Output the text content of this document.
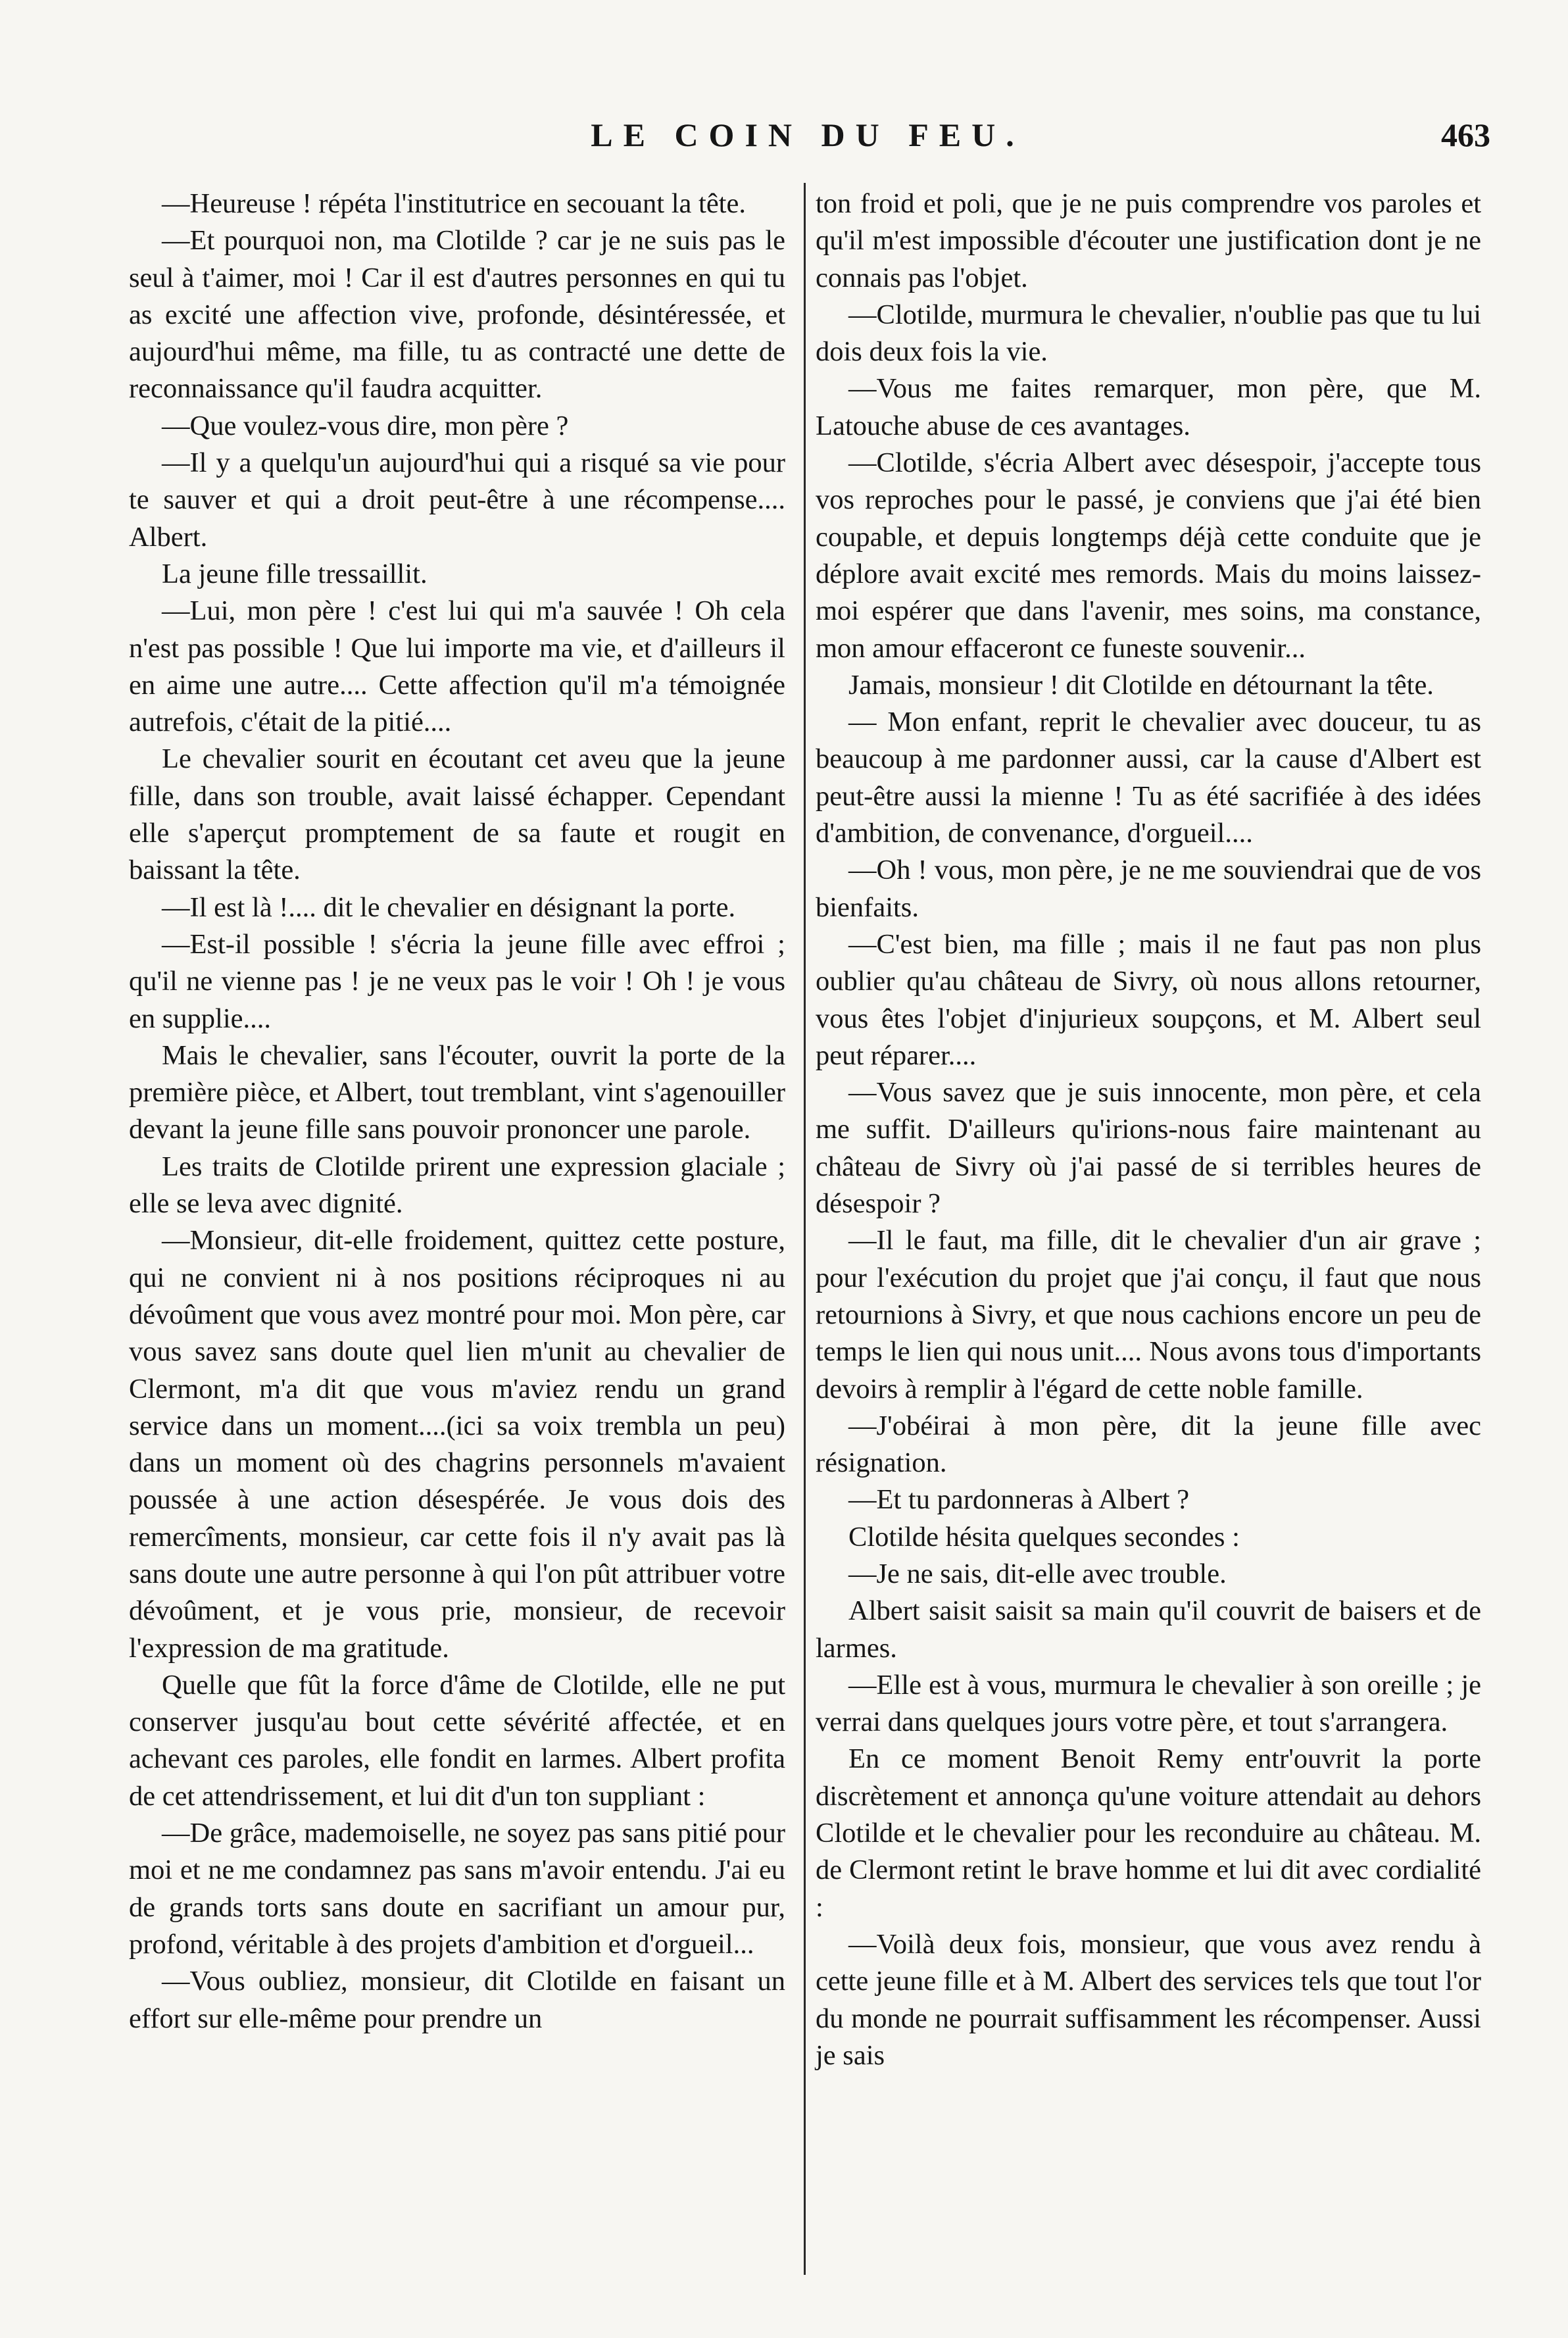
LE COIN DU FEU.	463

—Heureuse ! répéta l'institutrice en secouant la tête.

—Et pourquoi non, ma Clotilde ? car je ne suis pas le seul à t'aimer, moi ! Car il est d'autres personnes en qui tu as excité une affection vive, profonde, désintéressée, et aujourd'hui même, ma fille, tu as contracté une dette de reconnaissance qu'il faudra acquitter.

—Que voulez-vous dire, mon père ?

—Il y a quelqu'un aujourd'hui qui a risqué sa vie pour te sauver et qui a droit peut-être à une récompense.... Albert.

La jeune fille tressaillit.

—Lui, mon père ! c'est lui qui m'a sauvée ! Oh cela n'est pas possible ! Que lui importe ma vie, et d'ailleurs il en aime une autre.... Cette affection qu'il m'a témoignée autrefois, c'était de la pitié....

Le chevalier sourit en écoutant cet aveu que la jeune fille, dans son trouble, avait laissé échapper. Cependant elle s'aperçut promptement de sa faute et rougit en baissant la tête.

—Il est là !.... dit le chevalier en désignant la porte.

—Est-il possible ! s'écria la jeune fille avec effroi ; qu'il ne vienne pas ! je ne veux pas le voir ! Oh ! je vous en supplie....

Mais le chevalier, sans l'écouter, ouvrit la porte de la première pièce, et Albert, tout tremblant, vint s'agenouiller devant la jeune fille sans pouvoir prononcer une parole.

Les traits de Clotilde prirent une expression glaciale ; elle se leva avec dignité.

—Monsieur, dit-elle froidement, quittez cette posture, qui ne convient ni à nos positions réciproques ni au dévoûment que vous avez montré pour moi. Mon père, car vous savez sans doute quel lien m'unit au chevalier de Clermont, m'a dit que vous m'aviez rendu un grand service dans un moment....(ici sa voix trembla un peu) dans un moment où des chagrins personnels m'avaient poussée à une action désespérée. Je vous dois des remercîments, monsieur, car cette fois il n'y avait pas là sans doute une autre personne à qui l'on pût attribuer votre dévoûment, et je vous prie, monsieur, de recevoir l'expression de ma gratitude.

Quelle que fût la force d'âme de Clotilde, elle ne put conserver jusqu'au bout cette sévérité affectée, et en achevant ces paroles, elle fondit en larmes. Albert profita de cet attendrissement, et lui dit d'un ton suppliant :

—De grâce, mademoiselle, ne soyez pas sans pitié pour moi et ne me condamnez pas sans m'avoir entendu. J'ai eu de grands torts sans doute en sacrifiant un amour pur, profond, véritable à des projets d'ambition et d'orgueil...

—Vous oubliez, monsieur, dit Clotilde en faisant un effort sur elle-même pour prendre un

ton froid et poli, que je ne puis comprendre vos paroles et qu'il m'est impossible d'écouter une justification dont je ne connais pas l'objet.

—Clotilde, murmura le chevalier, n'oublie pas que tu lui dois deux fois la vie.

—Vous me faites remarquer, mon père, que M. Latouche abuse de ces avantages.

—Clotilde, s'écria Albert avec désespoir, j'accepte tous vos reproches pour le passé, je conviens que j'ai été bien coupable, et depuis longtemps déjà cette conduite que je déplore avait excité mes remords. Mais du moins laissez-moi espérer que dans l'avenir, mes soins, ma constance, mon amour effaceront ce funeste souvenir...

Jamais, monsieur ! dit Clotilde en détournant la tête.

— Mon enfant, reprit le chevalier avec douceur, tu as beaucoup à me pardonner aussi, car la cause d'Albert est peut-être aussi la mienne ! Tu as été sacrifiée à des idées d'ambition, de convenance, d'orgueil....

—Oh ! vous, mon père, je ne me souviendrai que de vos bienfaits.

—C'est bien, ma fille ; mais il ne faut pas non plus oublier qu'au château de Sivry, où nous allons retourner, vous êtes l'objet d'injurieux soupçons, et M. Albert seul peut réparer....

—Vous savez que je suis innocente, mon père, et cela me suffit. D'ailleurs qu'irions-nous faire maintenant au château de Sivry où j'ai passé de si terribles heures de désespoir ?

—Il le faut, ma fille, dit le chevalier d'un air grave ; pour l'exécution du projet que j'ai conçu, il faut que nous retournions à Sivry, et que nous cachions encore un peu de temps le lien qui nous unit.... Nous avons tous d'importants devoirs à remplir à l'égard de cette noble famille.

—J'obéirai à mon père, dit la jeune fille avec résignation.

—Et tu pardonneras à Albert ?

Clotilde hésita quelques secondes :

—Je ne sais, dit-elle avec trouble.

Albert saisit saisit sa main qu'il couvrit de baisers et de larmes.

—Elle est à vous, murmura le chevalier à son oreille ; je verrai dans quelques jours votre père, et tout s'arrangera.

En ce moment Benoit Remy entr'ouvrit la porte discrètement et annonça qu'une voiture attendait au dehors Clotilde et le chevalier pour les reconduire au château. M. de Clermont retint le brave homme et lui dit avec cordialité :

—Voilà deux fois, monsieur, que vous avez rendu à cette jeune fille et à M. Albert des services tels que tout l'or du monde ne pourrait suffisamment les récompenser. Aussi je sais
